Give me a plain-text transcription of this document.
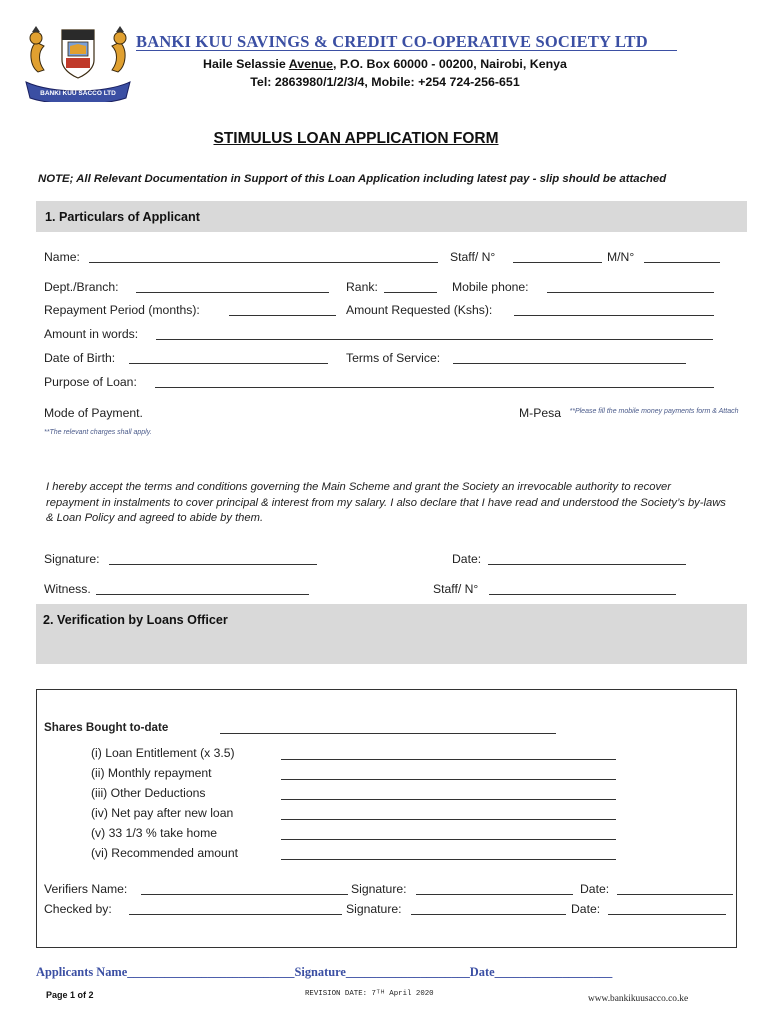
BANKI KUU SACCO LTD
BANKI KUU SAVINGS & CREDIT CO-OPERATIVE SOCIETY LTD
Haile Selassie Avenue, P.O. Box 60000 - 00200, Nairobi, Kenya
Tel: 2863980/1/2/3/4, Mobile: +254 724-256-651
STIMULUS LOAN APPLICATION FORM
NOTE; All Relevant Documentation in Support of this Loan Application including latest pay - slip should be attached
1. Particulars of Applicant
Name:	Staff/ N°	M/N°
Dept./Branch:	Rank:	Mobile phone:
Repayment Period (months):	Amount Requested (Kshs):
Amount in words:
Date of Birth:	Terms of Service:
Purpose of Loan:
Mode of Payment.	M-Pesa **Please fill the mobile money payments form & Attach
**The relevant charges shall apply.
I hereby accept the terms and conditions governing the Main Scheme and grant the Society an irrevocable authority to recover repayment in instalments to cover principal & interest from my salary. I also declare that I have read and understood the Society’s by-laws & Loan Policy and agreed to abide by them.
Signature:	Date:
Witness.	Staff/ N°
2. Verification by Loans Officer
Shares Bought to-date
(i) Loan Entitlement (x 3.5)
(ii) Monthly repayment
(iii) Other Deductions
(iv) Net pay after new loan
(v) 33 1/3 % take home
(vi) Recommended amount
Verifiers Name:	Signature:	Date:
Checked by:	Signature:	Date:
Applicants Name___________________________Signature____________________Date___________________
Page 1 of 2	REVISION DATE: 7ᵀᴴ April 2020	www.bankikuusacco.co.ke
